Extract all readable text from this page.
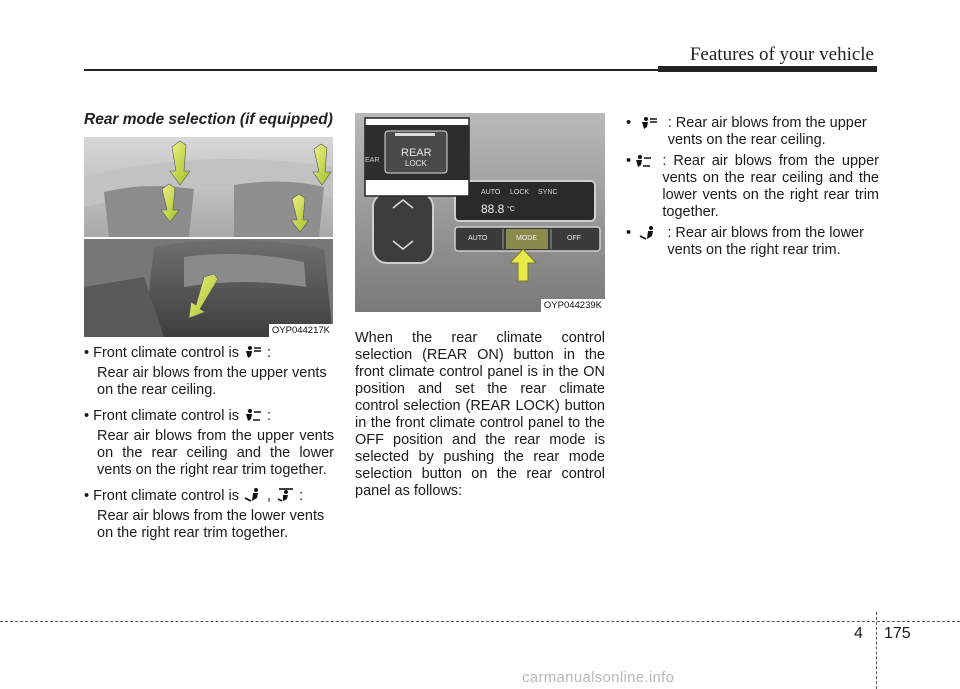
Features of your vehicle
Rear mode selection (if equipped)
OYP044217K
REAR
LOCK
EAR
AUTO LOCK SYNC
88.8 °C
AUTO	MODE	OFF
OYP044239K
• Front climate control is :
Rear air blows from the upper vents on the rear ceiling.
• Front climate control is :
Rear air blows from the upper vents on the rear ceiling and the lower vents on the right rear trim together.
• Front climate control is , :
Rear air blows from the lower vents on the right rear trim together.
When the rear climate control selection (REAR ON) button in the front climate control panel is in the ON position and set the rear climate control selection (REAR LOCK) button in the front climate control panel to the OFF position and the rear mode is selected by pushing the rear mode selection button on the rear control panel as follows:
•	: Rear air blows from the upper vents on the rear ceiling.
•	: Rear air blows from the upper vents on the rear ceiling and the lower vents on the right rear trim together.
•	: Rear air blows from the lower vents on the right rear trim.
4 175
carmanualsonline.info
